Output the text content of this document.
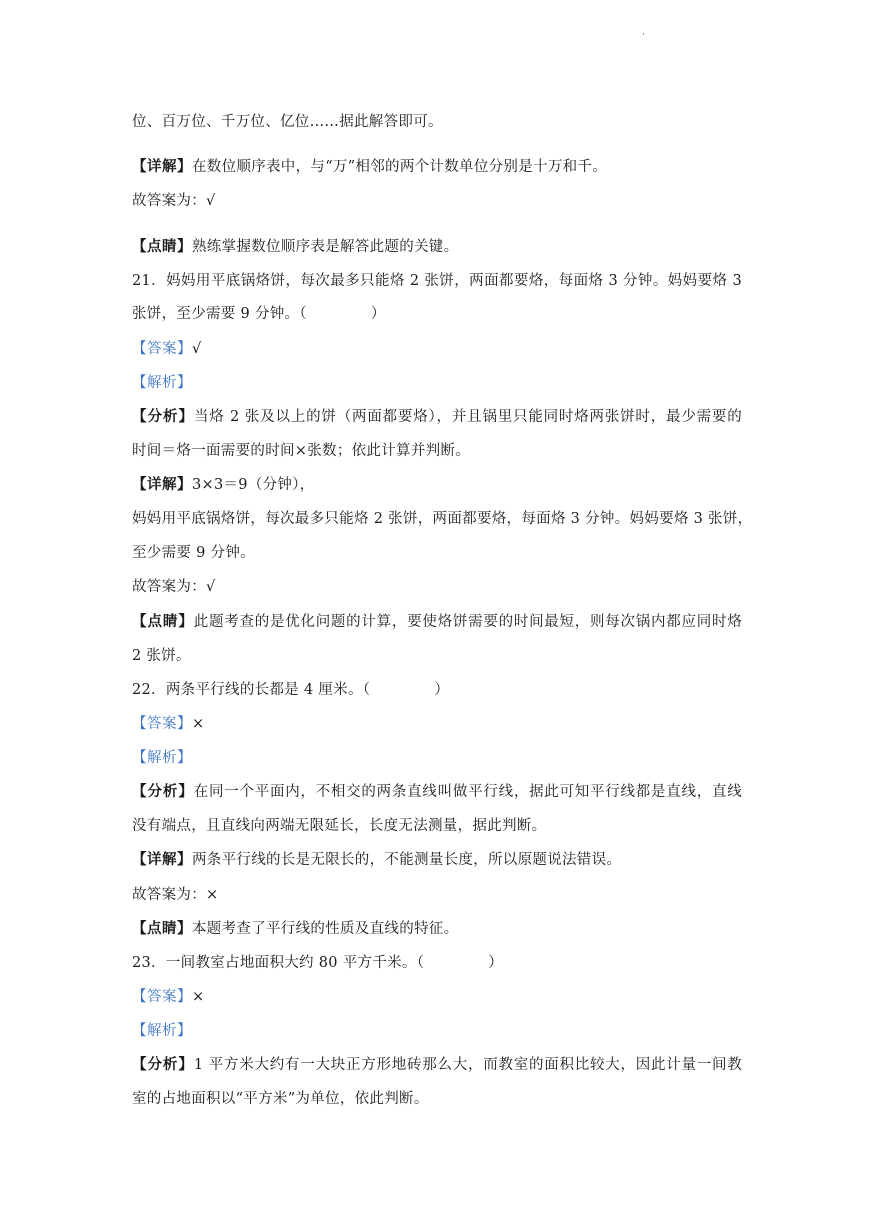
·
位、百万位、千万位、亿位……据此解答即可。
【详解】在数位顺序表中，与“万”相邻的两个计数单位分别是十万和千。
故答案为：√
【点睛】熟练掌握数位顺序表是解答此题的关键。
21．妈妈用平底锅烙饼，每次最多只能烙 2 张饼，两面都要烙，每面烙 3 分钟。妈妈要烙 3
张饼，至少需要 9 分钟。（	）
【答案】√
【解析】
【分析】当烙 2 张及以上的饼（两面都要烙），并且锅里只能同时烙两张饼时，最少需要的
时间＝烙一面需要的时间×张数；依此计算并判断。
【详解】3×3＝9（分钟），
妈妈用平底锅烙饼，每次最多只能烙 2 张饼，两面都要烙，每面烙 3 分钟。妈妈要烙 3 张饼，
至少需要 9 分钟。
故答案为：√
【点睛】此题考查的是优化问题的计算，要使烙饼需要的时间最短，则每次锅内都应同时烙
2 张饼。
22．两条平行线的长都是 4 厘米。（	）
【答案】×
【解析】
【分析】在同一个平面内，不相交的两条直线叫做平行线，据此可知平行线都是直线，直线
没有端点，且直线向两端无限延长，长度无法测量，据此判断。
【详解】两条平行线的长是无限长的，不能测量长度，所以原题说法错误。
故答案为：×
【点睛】本题考查了平行线的性质及直线的特征。
23．一间教室占地面积大约 80 平方千米。（	）
【答案】×
【解析】
【分析】1 平方米大约有一大块正方形地砖那么大，而教室的面积比较大，因此计量一间教
室的占地面积以“平方米”为单位，依此判断。
